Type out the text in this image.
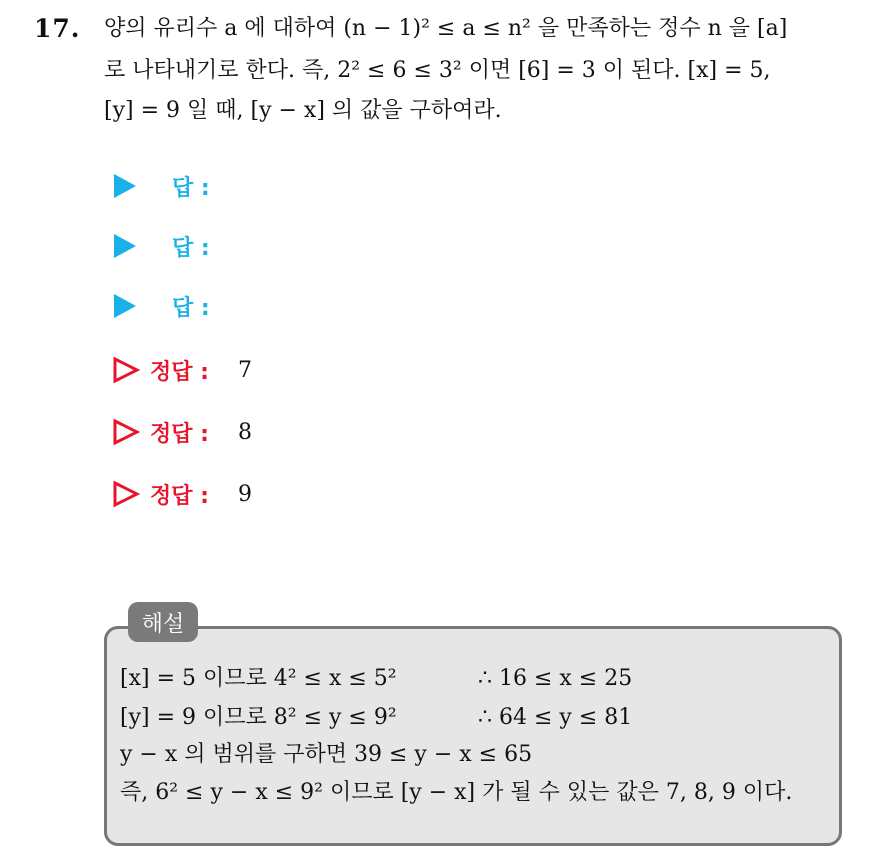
17. 양의 유리수 a 에 대하여 (n − 1)² ≤ a ≤ n² 을 만족하는 정수 n 을 [a]
로 나타내기로 한다. 즉, 2² ≤ 6 ≤ 3² 이면 [6] = 3 이 된다. [x] = 5,
[y] = 9 일 때, [y − x] 의 값을 구하여라.
답 :
답 :
답 :
정답 : 7
정답 : 8
정답 : 9
해설
[x] = 5 이므로 4² ≤ x ≤ 5²	∴ 16 ≤ x ≤ 25
[y] = 9 이므로 8² ≤ y ≤ 9²	∴ 64 ≤ y ≤ 81
y − x 의 범위를 구하면 39 ≤ y − x ≤ 65
즉, 6² ≤ y − x ≤ 9² 이므로 [y − x] 가 될 수 있는 값은 7, 8, 9 이다.
